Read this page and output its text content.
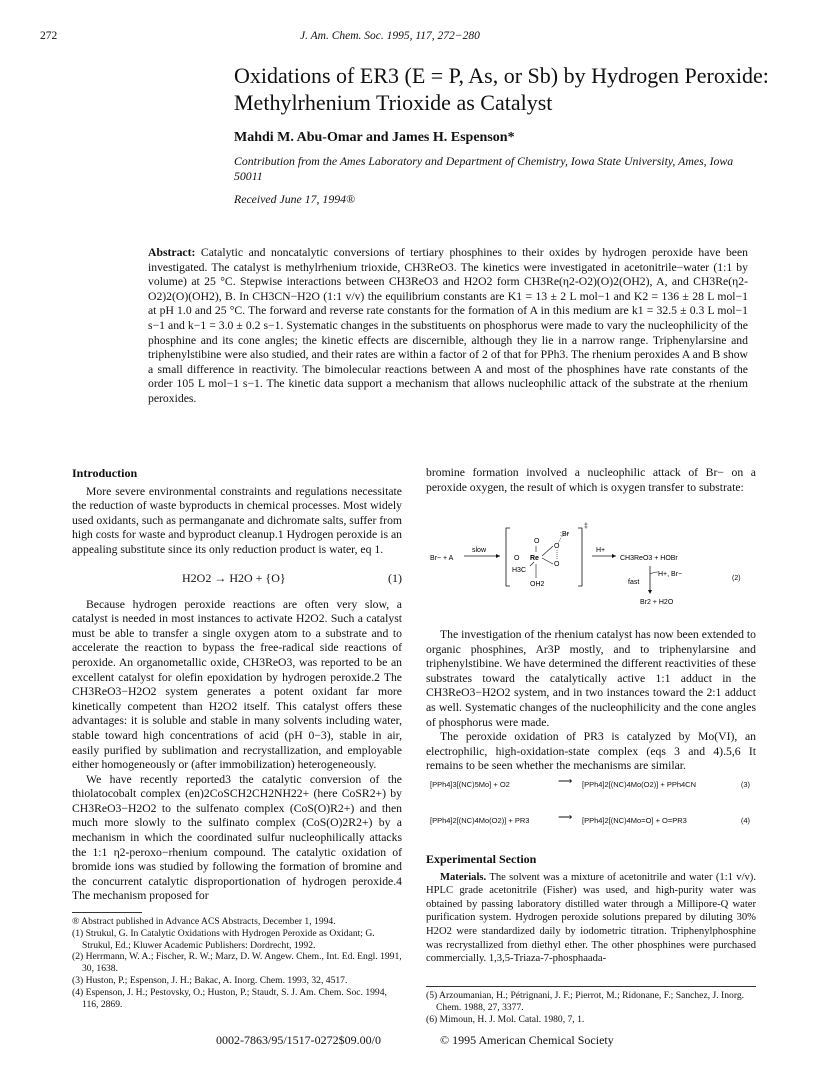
272	J. Am. Chem. Soc. 1995, 117, 272−280
Oxidations of ER3 (E = P, As, or Sb) by Hydrogen Peroxide: Methylrhenium Trioxide as Catalyst
Mahdi M. Abu-Omar and James H. Espenson*
Contribution from the Ames Laboratory and Department of Chemistry, Iowa State University, Ames, Iowa 50011
Received June 17, 1994®
Abstract: Catalytic and noncatalytic conversions of tertiary phosphines to their oxides by hydrogen peroxide have been investigated. The catalyst is methylrhenium trioxide, CH3ReO3. The kinetics were investigated in acetonitrile−water (1:1 by volume) at 25 °C. Stepwise interactions between CH3ReO3 and H2O2 form CH3Re(η2-O2)(O)2(OH2), A, and CH3Re(η2-O2)2(O)(OH2), B. In CH3CN−H2O (1:1 v/v) the equilibrium constants are K1 = 13 ± 2 L mol−1 and K2 = 136 ± 28 L mol−1 at pH 1.0 and 25 °C. The forward and reverse rate constants for the formation of A in this medium are k1 = 32.5 ± 0.3 L mol−1 s−1 and k−1 = 3.0 ± 0.2 s−1. Systematic changes in the substituents on phosphorus were made to vary the nucleophilicity of the phosphine and its cone angles; the kinetic effects are discernible, although they lie in a narrow range. Triphenylarsine and triphenylstibine were also studied, and their rates are within a factor of 2 of that for PPh3. The rhenium peroxides A and B show a small difference in reactivity. The bimolecular reactions between A and most of the phosphines have rate constants of the order 105 L mol−1 s−1. The kinetic data support a mechanism that allows nucleophilic attack of the substrate at the rhenium peroxides.
Introduction

More severe environmental constraints and regulations necessitate the reduction of waste byproducts in chemical processes. Most widely used oxidants, such as permanganate and dichromate salts, suffer from high costs for waste and byproduct cleanup.1 Hydrogen peroxide is an appealing substitute since its only reduction product is water, eq 1.

H2O2 → H2O + {O}	(1)

Because hydrogen peroxide reactions are often very slow, a catalyst is needed in most instances to activate H2O2. Such a catalyst must be able to transfer a single oxygen atom to a substrate and to accelerate the reaction to bypass the free-radical side reactions of peroxide. An organometallic oxide, CH3ReO3, was reported to be an excellent catalyst for olefin epoxidation by hydrogen peroxide.2 The CH3ReO3−H2O2 system generates a potent oxidant far more kinetically competent than H2O2 itself. This catalyst offers these advantages: it is soluble and stable in many solvents including water, stable toward high concentrations of acid (pH 0−3), stable in air, easily purified by sublimation and recrystallization, and employable either homogeneously or (after immobilization) heterogeneously.

We have recently reported3 the catalytic conversion of the thiolatocobalt complex (en)2CoSCH2CH2NH22+ (here CoSR2+) by CH3ReO3−H2O2 to the sulfenato complex (CoS(O)R2+) and then much more slowly to the sulfinato complex (CoS(O)2R2+) by a mechanism in which the coordinated sulfur nucleophilically attacks the 1:1 η2-peroxo−rhenium compound. The catalytic oxidation of bromide ions was studied by following the formation of bromine and the concurrent catalytic disproportionation of hydrogen peroxide.4 The mechanism proposed for

® Abstract published in Advance ACS Abstracts, December 1, 1994.

(1) Strukul, G. In Catalytic Oxidations with Hydrogen Peroxide as Oxidant; G. Strukul, Ed.; Kluwer Academic Publishers: Dordrecht, 1992.

(2) Herrmann, W. A.; Fischer, R. W.; Marz, D. W. Angew. Chem., Int. Ed. Engl. 1991, 30, 1638.

(3) Huston, P.; Espenson, J. H.; Bakac, A. Inorg. Chem. 1993, 32, 4517.

(4) Espenson, J. H.; Pestovsky, O.; Huston, P.; Staudt, S. J. Am. Chem. Soc. 1994, 116, 2869.

bromine formation involved a nucleophilic attack of Br− on a peroxide oxygen, the result of which is oxygen transfer to substrate:

Br− + A
slow
‡
O
O Re
O
O
:Br
H3C
OH2
H+
CH3ReO3 + HOBr
H+, Br−
fast
Br2 + H2O
(2)

The investigation of the rhenium catalyst has now been extended to organic phosphines, Ar3P mostly, and to triphenylarsine and triphenylstibine. We have determined the different reactivities of these substrates toward the catalytically active 1:1 adduct in the CH3ReO3−H2O2 system, and in two instances toward the 2:1 adduct as well. Systematic changes of the nucleophilicity and the cone angles of phosphorus were made.

The peroxide oxidation of PR3 is catalyzed by Mo(VI), an electrophilic, high-oxidation-state complex (eqs 3 and 4).5,6 It remains to be seen whether the mechanisms are similar.

[PPh4]3[(NC)5Mo] + O2	⟶ [PPh4]2[(NC)4Mo(O2)] + PPh4CN	(3)
[PPh4]2[(NC)4Mo(O2)] + PR3	⟶ [PPh4]2[(NC)4Mo=O] + O=PR3	(4)
Experimental Section

Materials. The solvent was a mixture of acetonitrile and water (1:1 v/v). HPLC grade acetonitrile (Fisher) was used, and high-purity water was obtained by passing laboratory distilled water through a Millipore-Q water purification system. Hydrogen peroxide solutions prepared by diluting 30% H2O2 were standardized daily by iodometric titration. Triphenylphosphine was recrystallized from diethyl ether. The other phosphines were purchased commercially. 1,3,5-Triaza-7-phosphaada-

(5) Arzoumanian, H.; Pétrignani, J. F.; Pierrot, M.; Ridonane, F.; Sanchez, J. Inorg. Chem. 1988, 27, 3377.

(6) Mimoun, H. J. Mol. Catal. 1980, 7, 1.

0002-7863/95/1517-0272$09.00/0	© 1995 American Chemical Society
